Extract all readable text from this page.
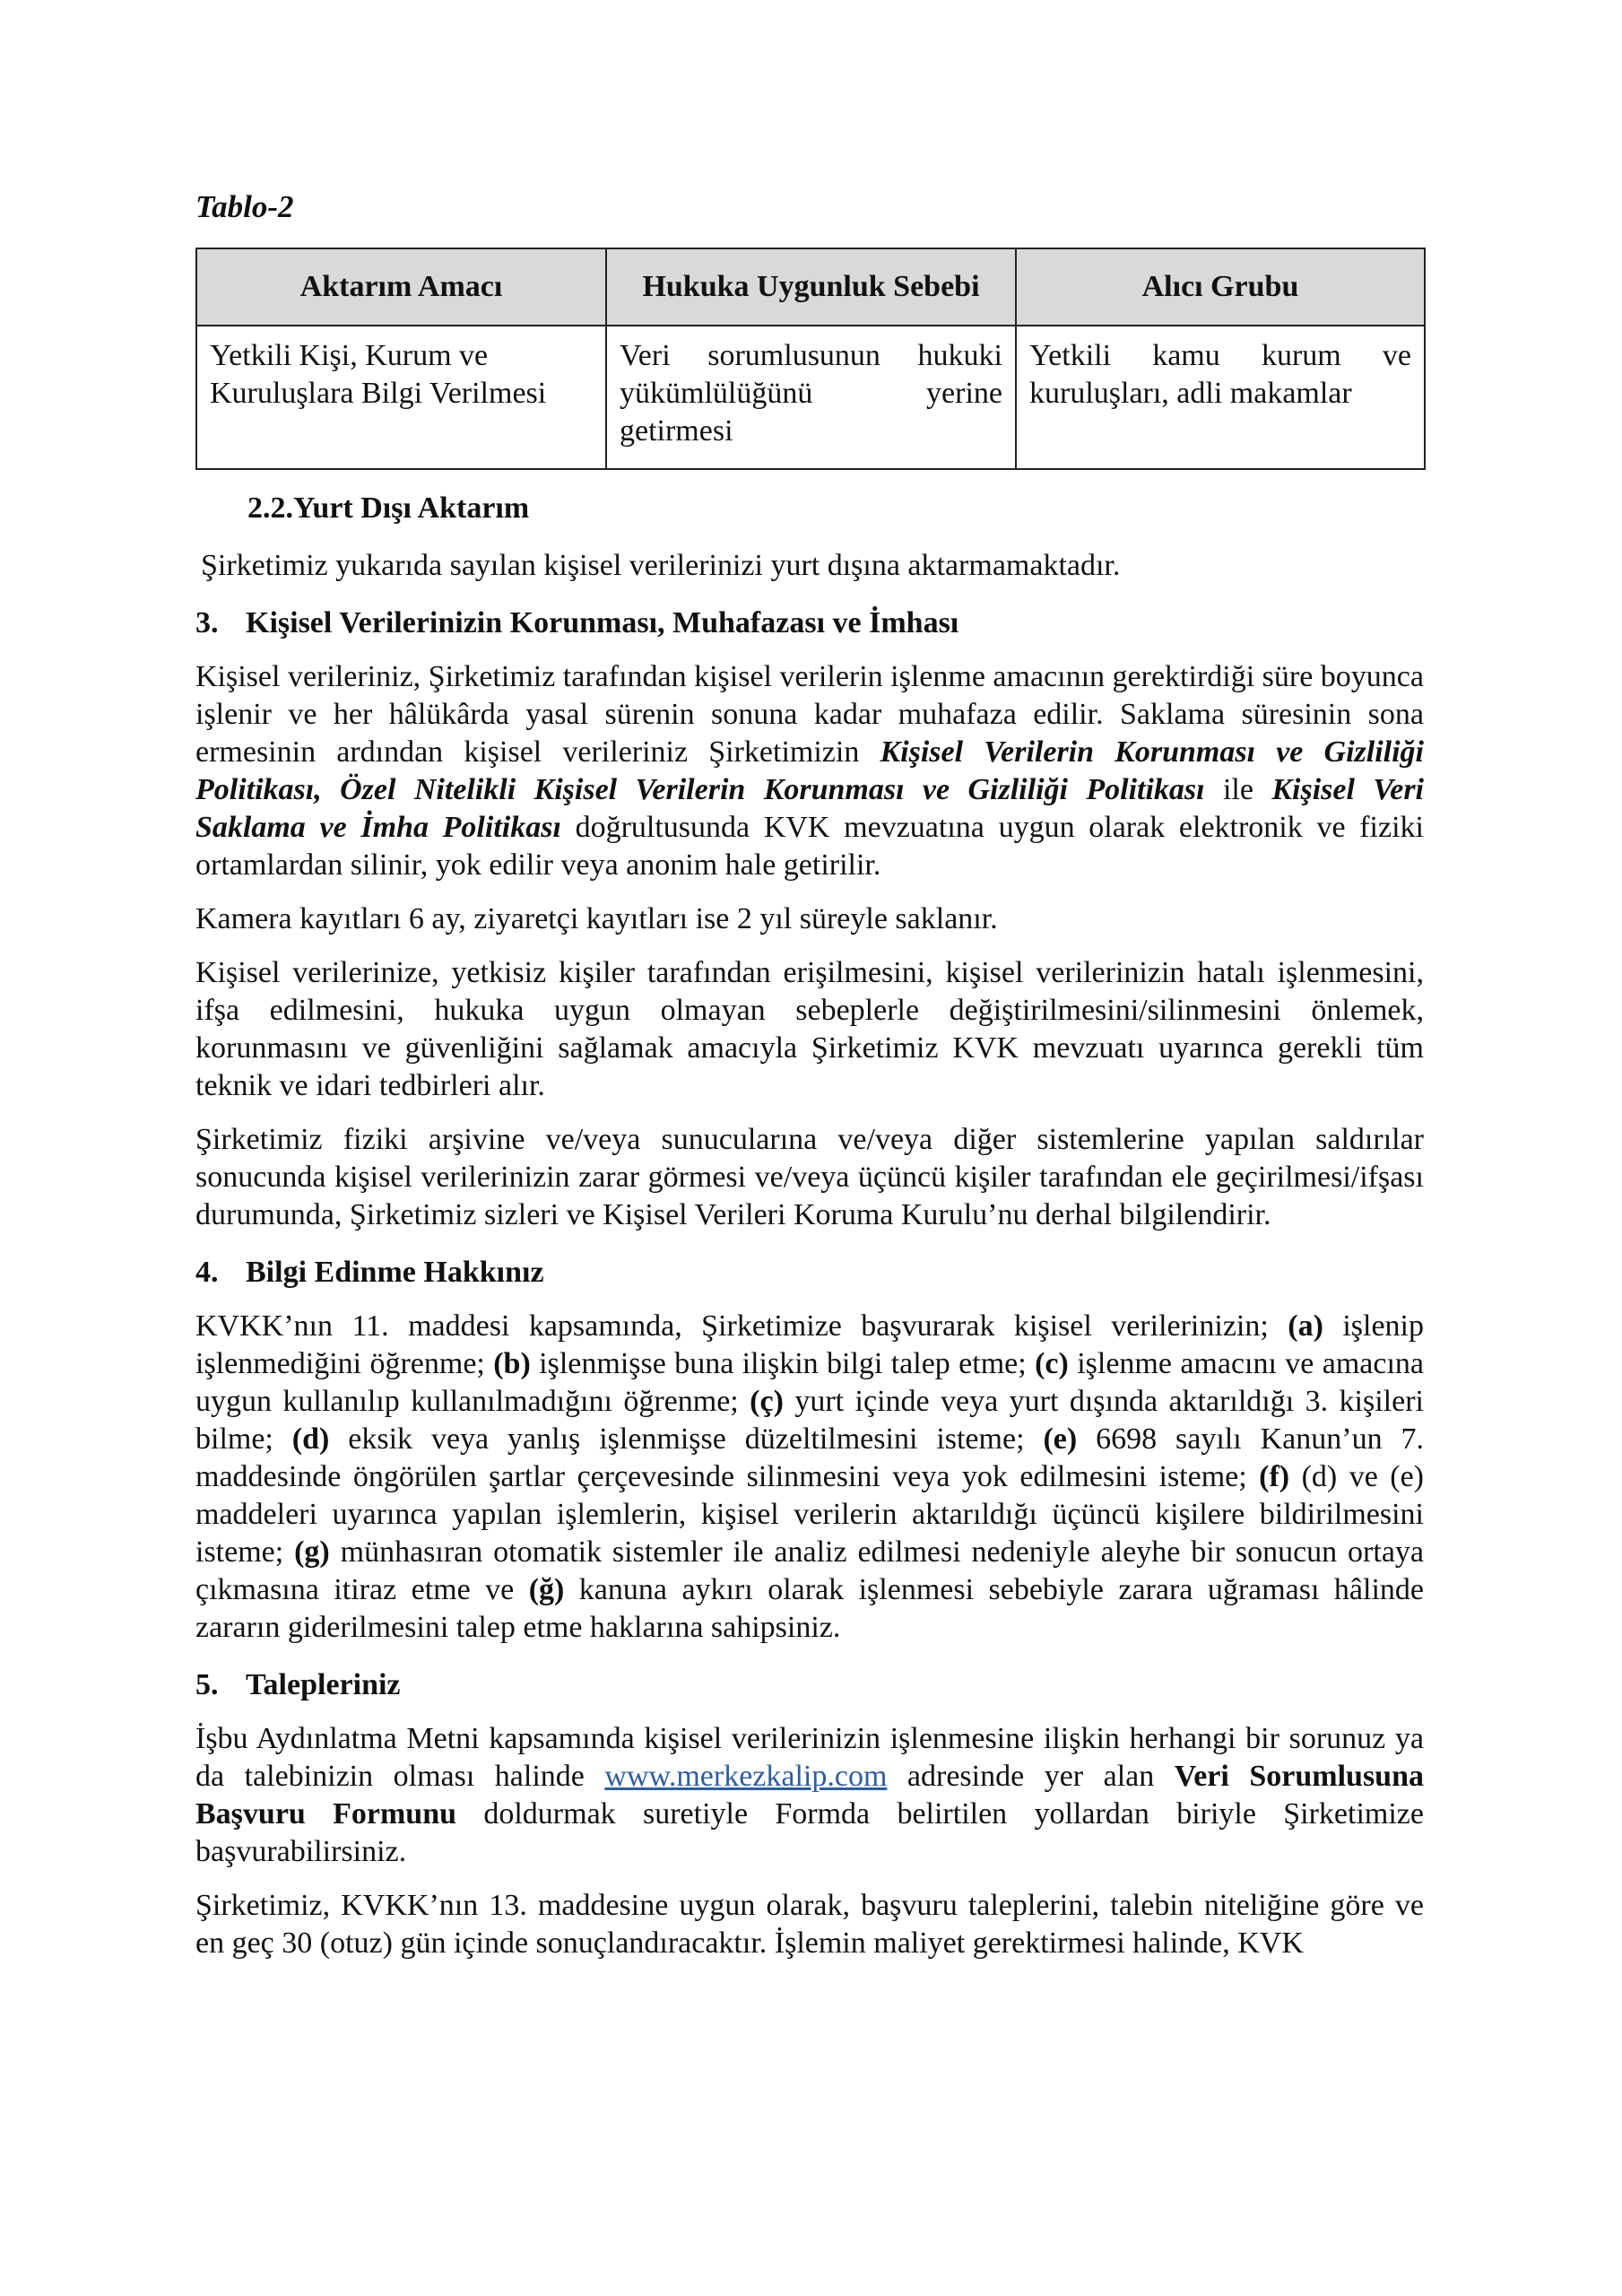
Tablo-2
Aktarım Amacı	Hukuka Uygunluk Sebebi	Alıcı Grubu
Yetkili Kişi, Kurum ve Kuruluşlara Bilgi Verilmesi	Veri sorumlusunun hukuki yükümlülüğünü yerine getirmesi	Yetkili kamu kurum ve kuruluşları, adli makamlar
2.2.Yurt Dışı Aktarım
Şirketimiz yukarıda sayılan kişisel verilerinizi yurt dışına aktarmamaktadır.
3. Kişisel Verilerinizin Korunması, Muhafazası ve İmhası

Kişisel verileriniz, Şirketimiz tarafından kişisel verilerin işlenme amacının gerektirdiği süre boyunca işlenir ve her hâlükârda yasal sürenin sonuna kadar muhafaza edilir. Saklama süresinin sona ermesinin ardından kişisel verileriniz Şirketimizin Kişisel Verilerin Korunması ve Gizliliği Politikası, Özel Nitelikli Kişisel Verilerin Korunması ve Gizliliği Politikası ile Kişisel Veri Saklama ve İmha Politikası doğrultusunda KVK mevzuatına uygun olarak elektronik ve fiziki ortamlardan silinir, yok edilir veya anonim hale getirilir.

Kamera kayıtları 6 ay, ziyaretçi kayıtları ise 2 yıl süreyle saklanır.

Kişisel verilerinize, yetkisiz kişiler tarafından erişilmesini, kişisel verilerinizin hatalı işlenmesini, ifşa edilmesini, hukuka uygun olmayan sebeplerle değiştirilmesini/silinmesini önlemek, korunmasını ve güvenliğini sağlamak amacıyla Şirketimiz KVK mevzuatı uyarınca gerekli tüm teknik ve idari tedbirleri alır.

Şirketimiz fiziki arşivine ve/veya sunucularına ve/veya diğer sistemlerine yapılan saldırılar sonucunda kişisel verilerinizin zarar görmesi ve/veya üçüncü kişiler tarafından ele geçirilmesi/ifşası durumunda, Şirketimiz sizleri ve Kişisel Verileri Koruma Kurulu’nu derhal bilgilendirir.

4. Bilgi Edinme Hakkınız

KVKK’nın 11. maddesi kapsamında, Şirketimize başvurarak kişisel verilerinizin; (a) işlenip işlenmediğini öğrenme; (b) işlenmişse buna ilişkin bilgi talep etme; (c) işlenme amacını ve amacına uygun kullanılıp kullanılmadığını öğrenme; (ç) yurt içinde veya yurt dışında aktarıldığı 3. kişileri bilme; (d) eksik veya yanlış işlenmişse düzeltilmesini isteme; (e) 6698 sayılı Kanun’un 7. maddesinde öngörülen şartlar çerçevesinde silinmesini veya yok edilmesini isteme; (f) (d) ve (e) maddeleri uyarınca yapılan işlemlerin, kişisel verilerin aktarıldığı üçüncü kişilere bildirilmesini isteme; (g) münhasıran otomatik sistemler ile analiz edilmesi nedeniyle aleyhe bir sonucun ortaya çıkmasına itiraz etme ve (ğ) kanuna aykırı olarak işlenmesi sebebiyle zarara uğraması hâlinde zararın giderilmesini talep etme haklarına sahipsiniz.

5. Talepleriniz

İşbu Aydınlatma Metni kapsamında kişisel verilerinizin işlenmesine ilişkin herhangi bir sorunuz ya da talebinizin olması halinde www.merkezkalip.com adresinde yer alan Veri Sorumlusuna Başvuru Formunu doldurmak suretiyle Formda belirtilen yollardan biriyle Şirketimize başvurabilirsiniz.

Şirketimiz, KVKK’nın 13. maddesine uygun olarak, başvuru taleplerini, talebin niteliğine göre ve en geç 30 (otuz) gün içinde sonuçlandıracaktır. İşlemin maliyet gerektirmesi halinde, KVK
